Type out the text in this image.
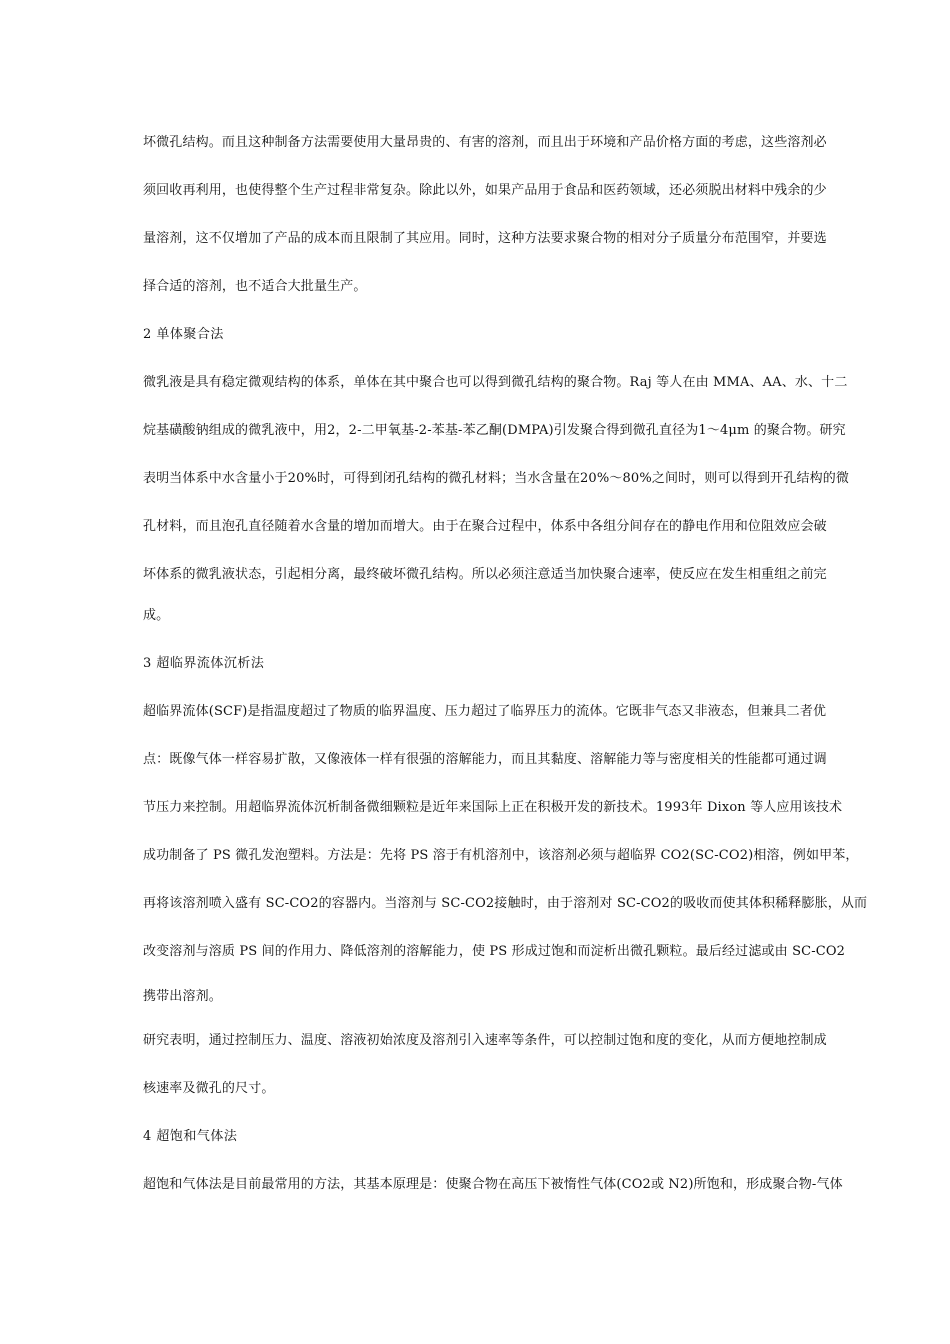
坏微孔结构。而且这种制备方法需要使用大量昂贵的、有害的溶剂，而且出于环境和产品价格方面的考虑，这些溶剂必
须回收再利用，也使得整个生产过程非常复杂。除此以外，如果产品用于食品和医药领域，还必须脱出材料中残余的少
量溶剂，这不仅增加了产品的成本而且限制了其应用。同时，这种方法要求聚合物的相对分子质量分布范围窄，并要选
择合适的溶剂，也不适合大批量生产。
2 单体聚合法
微乳液是具有稳定微观结构的体系，单体在其中聚合也可以得到微孔结构的聚合物。Raj 等人在由 MMA、AA、水、十二
烷基磺酸钠组成的微乳液中，用2，2-二甲氧基-2-苯基-苯乙酮(DMPA)引发聚合得到微孔直径为1～4μm 的聚合物。研究
表明当体系中水含量小于20%时，可得到闭孔结构的微孔材料；当水含量在20%～80%之间时，则可以得到开孔结构的微
孔材料，而且泡孔直径随着水含量的增加而增大。由于在聚合过程中，体系中各组分间存在的静电作用和位阻效应会破
坏体系的微乳液状态，引起相分离，最终破坏微孔结构。所以必须注意适当加快聚合速率，使反应在发生相重组之前完
成。
3 超临界流体沉析法
超临界流体(SCF)是指温度超过了物质的临界温度、压力超过了临界压力的流体。它既非气态又非液态，但兼具二者优
点：既像气体一样容易扩散，又像液体一样有很强的溶解能力，而且其黏度、溶解能力等与密度相关的性能都可通过调
节压力来控制。用超临界流体沉析制备微细颗粒是近年来国际上正在积极开发的新技术。1993年 Dixon 等人应用该技术
成功制备了 PS 微孔发泡塑料。方法是：先将 PS 溶于有机溶剂中，该溶剂必须与超临界 CO2(SC-CO2)相溶，例如甲苯，
再将该溶剂喷入盛有 SC-CO2的容器内。当溶剂与 SC-CO2接触时，由于溶剂对 SC-CO2的吸收而使其体积稀释膨胀，从而
改变溶剂与溶质 PS 间的作用力、降低溶剂的溶解能力，使 PS 形成过饱和而淀析出微孔颗粒。最后经过滤或由 SC-CO2
携带出溶剂。
研究表明，通过控制压力、温度、溶液初始浓度及溶剂引入速率等条件，可以控制过饱和度的变化，从而方便地控制成
核速率及微孔的尺寸。
4 超饱和气体法
超饱和气体法是目前最常用的方法，其基本原理是：使聚合物在高压下被惰性气体(CO2或 N2)所饱和，形成聚合物-气体
